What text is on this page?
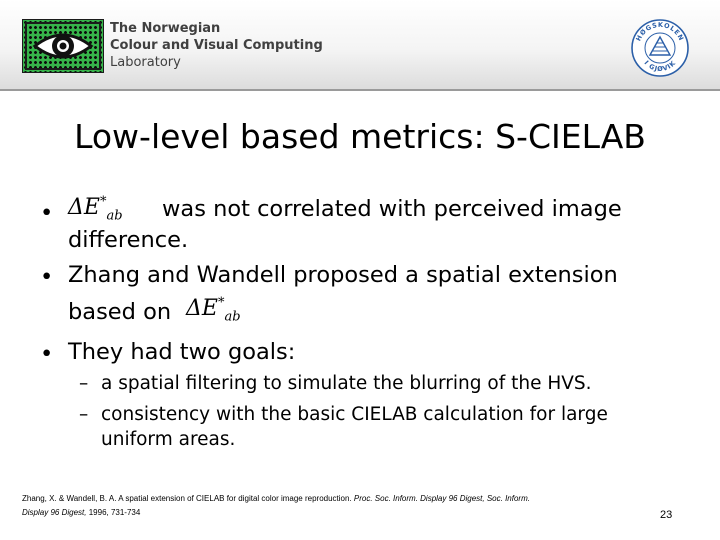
The Norwegian
Colour and Visual Computing
Laboratory
HØGSKOLEN
I GJØVIK
Low-level based metrics: S-CIELAB
• $\Delta E^*_{ab}$ was not correlated with perceived image
difference.
• Zhang and Wandell proposed a spatial extension
based on $\Delta E^*_{ab}$
• They had two goals:
– a spatial filtering to simulate the blurring of the HVS.
– consistency with the basic CIELAB calculation for large
uniform areas.
Zhang, X. & Wandell, B. A. A spatial extension of CIELAB for digital color image reproduction. Proc. Soc. Inform. Display 96 Digest, Soc. Inform.
Display 96 Digest, 1996, 731-734	23
